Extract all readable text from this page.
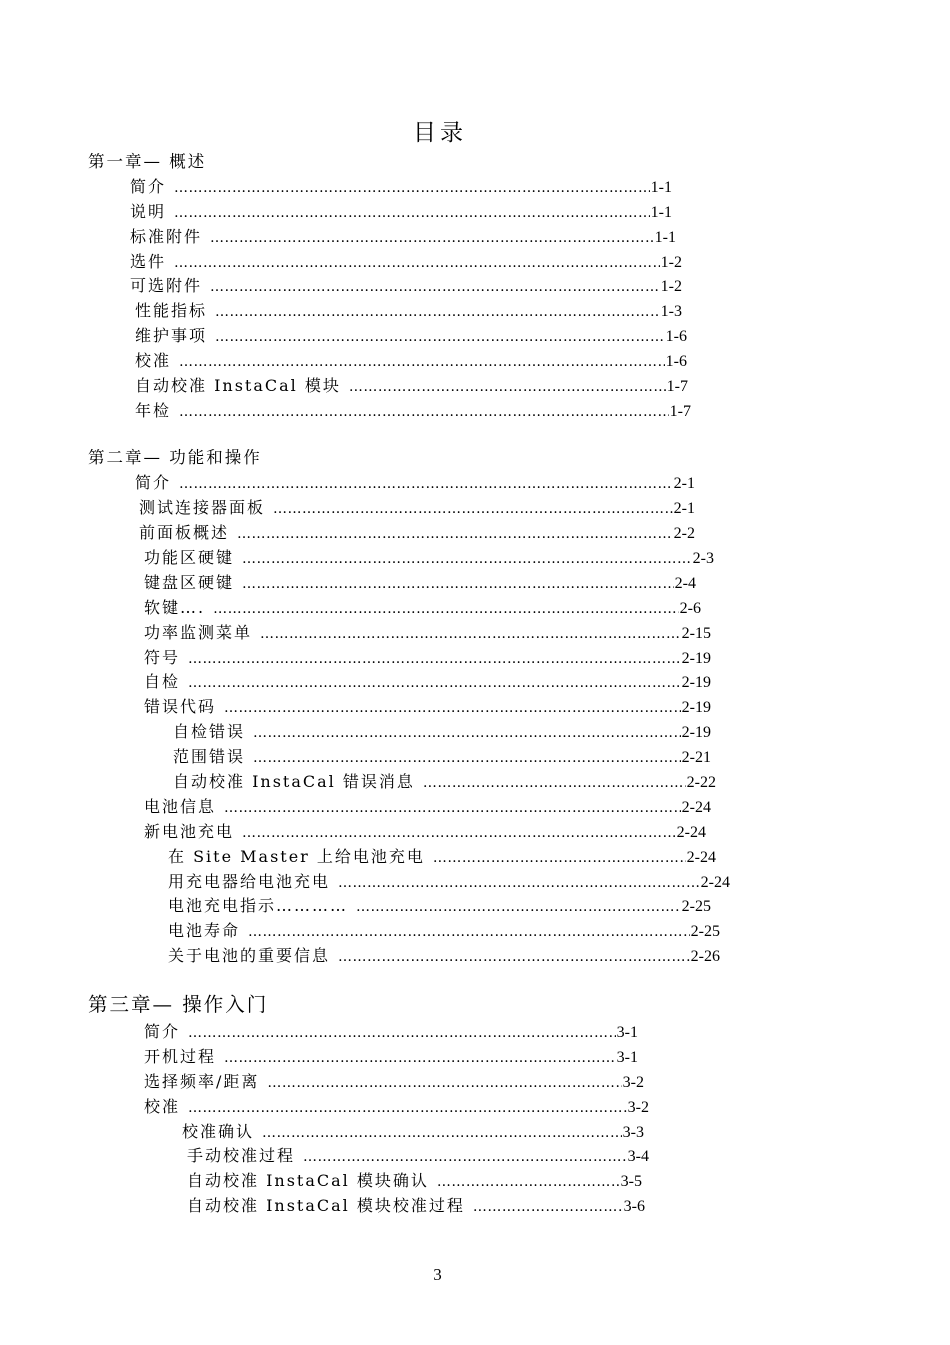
目录
第一章— 概述
简介 …………………………………………………………………………………………………………………………………………………………………………	1-1
说明 …………………………………………………………………………………………………………………………………………………………………………	1-1
标准附件 …………………………………………………………………………………………………………………………………………………………………………	1-1
选件 …………………………………………………………………………………………………………………………………………………………………………	1-2
可选附件 …………………………………………………………………………………………………………………………………………………………………………	1-2
性能指标 …………………………………………………………………………………………………………………………………………………………………………	1-3
维护事项 …………………………………………………………………………………………………………………………………………………………………………	1-6
校准 …………………………………………………………………………………………………………………………………………………………………………	1-6
自动校准 InstaCal 模块 …………………………………………………………………………………………………………………………………………………………………………	1-7
年检 …………………………………………………………………………………………………………………………………………………………………………	1-7
第二章— 功能和操作
简介 …………………………………………………………………………………………………………………………………………………………………………	2-1
测试连接器面板 …………………………………………………………………………………………………………………………………………………………………………	2-1
前面板概述 …………………………………………………………………………………………………………………………………………………………………………	2-2
功能区硬键 …………………………………………………………………………………………………………………………………………………………………………	2-3
键盘区硬键 …………………………………………………………………………………………………………………………………………………………………………	2-4
软键…. …………………………………………………………………………………………………………………………………………………………………………	2-6
功率监测菜单 …………………………………………………………………………………………………………………………………………………………………………	2-15
符号 …………………………………………………………………………………………………………………………………………………………………………	2-19
自检 …………………………………………………………………………………………………………………………………………………………………………	2-19
错误代码 …………………………………………………………………………………………………………………………………………………………………………	2-19
自检错误 …………………………………………………………………………………………………………………………………………………………………………	2-19
范围错误 …………………………………………………………………………………………………………………………………………………………………………	2-21
自动校准 InstaCal 错误消息 …………………………………………………………………………………………………………………………………………………………………………	2-22
电池信息 …………………………………………………………………………………………………………………………………………………………………………	2-24
新电池充电 …………………………………………………………………………………………………………………………………………………………………………	2-24
在 Site Master 上给电池充电 …………………………………………………………………………………………………………………………………………………………………………	2-24
用充电器给电池充电 …………………………………………………………………………………………………………………………………………………………………………	2-24
电池充电指示………… …………………………………………………………………………………………………………………………………………………………………………	2-25
电池寿命 …………………………………………………………………………………………………………………………………………………………………………	2-25
关于电池的重要信息 …………………………………………………………………………………………………………………………………………………………………………	2-26
第三章— 操作入门
简介 …………………………………………………………………………………………………………………………………………………………………………	3-1
开机过程 …………………………………………………………………………………………………………………………………………………………………………	3-1
选择频率/距离 …………………………………………………………………………………………………………………………………………………………………………	3-2
校准 …………………………………………………………………………………………………………………………………………………………………………	3-2
校准确认 …………………………………………………………………………………………………………………………………………………………………………	3-3
手动校准过程 …………………………………………………………………………………………………………………………………………………………………………	3-4
自动校准 InstaCal 模块确认 …………………………………………………………………………………………………………………………………………………………………………	3-5
自动校准 InstaCal 模块校准过程 …………………………………………………………………………………………………………………………………………………………………………	3-6
3
